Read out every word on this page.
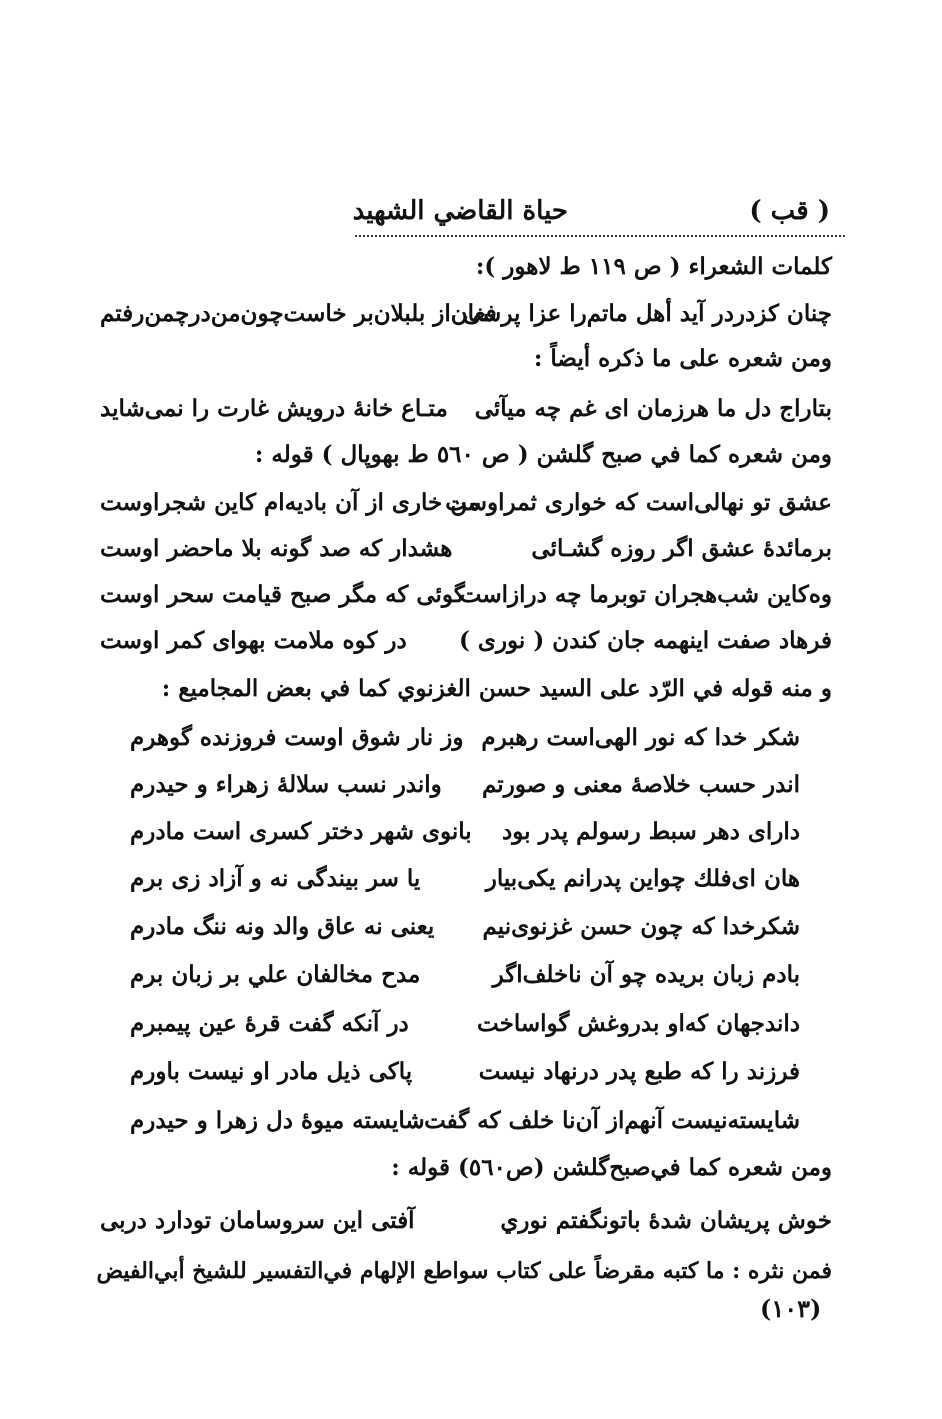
( قب )
حياة القاضي الشهيد
كلمات الشعراء ( ص ١١٩ ط لاهور ):
چنان كزدردر آيد أهل ماتم‌را عزا پرسى
فغان‌از بلبلان‌بر خاست‌چون‌من‌درچمن‌رفتم
ومن شعره على ما ذكره أيضاً :
بتاراج دل ما هرزمان اى غم چه ميآئى
متـاع خانهٔ درويش غارت را نمى‌شايد
ومن شعره كما في صبح گلشن ( ص ٥٦٠ ط بهوپال ) قوله :
عشق تو نهالى‌است كه خوارى ثمراوست
من خارى از آن باديه‌ام كاين شجراوست
برمائدهٔ عشق اگر روزه گشـائى
هشدار كه صد گونه بلا ماحضر اوست
وه‌كاين شب‌هجران توبرما چه درازاست
گوئى كه مگر صبح قيامت سحر اوست
فرهاد صفت اينهمه جان كندن ( نورى )
در كوه ملامت بهواى كمر اوست
و منه قوله في الرّد على السيد حسن الغزنوي كما في بعض المجاميع :
شكر خدا كه نور الهى‌است رهبرم
وز نار شوق اوست فروزنده گوهرم
اندر حسب خلاصهٔ معنى و صورتم
واندر نسب سلالهٔ زهراء و حيدرم
داراى دهر سبط رسولم پدر بود
بانوى شهر دختر كسرى است مادرم
هان اى‌فلك چواين پدرانم يكى‌بيار
يا سر بيندگى نه و آزاد زى برم
شكرخدا كه چون حسن غزنوى‌نيم
يعنى نه عاق والد ونه ننگ مادرم
بادم زبان بريده چو آن ناخلف‌اگر
مدح مخالفان علي بر زبان برم
داندجهان كه‌او بدروغش گواساخت
در آنكه گفت قرهٔ عين پيمبرم
فرزند را كه طبع پدر درنهاد نيست
پاكى ذيل مادر او نيست باورم
شايسته‌نيست آنهم‌از آن‌نا خلف كه گفت
شايسته ميوهٔ دل زهرا و حيدرم
ومن شعره كما في‌صبح‌گلشن (ص‌٥٦٠) قوله :
خوش پريشان شدهٔ باتونگفتم نوري
آفتى اين سروسامان تودارد دربى
فمن نثره : ما كتبه مقرضاً على كتاب سواطع الإلهام في‌التفسير للشيخ أبي‌الفيض
(١٠٣)
